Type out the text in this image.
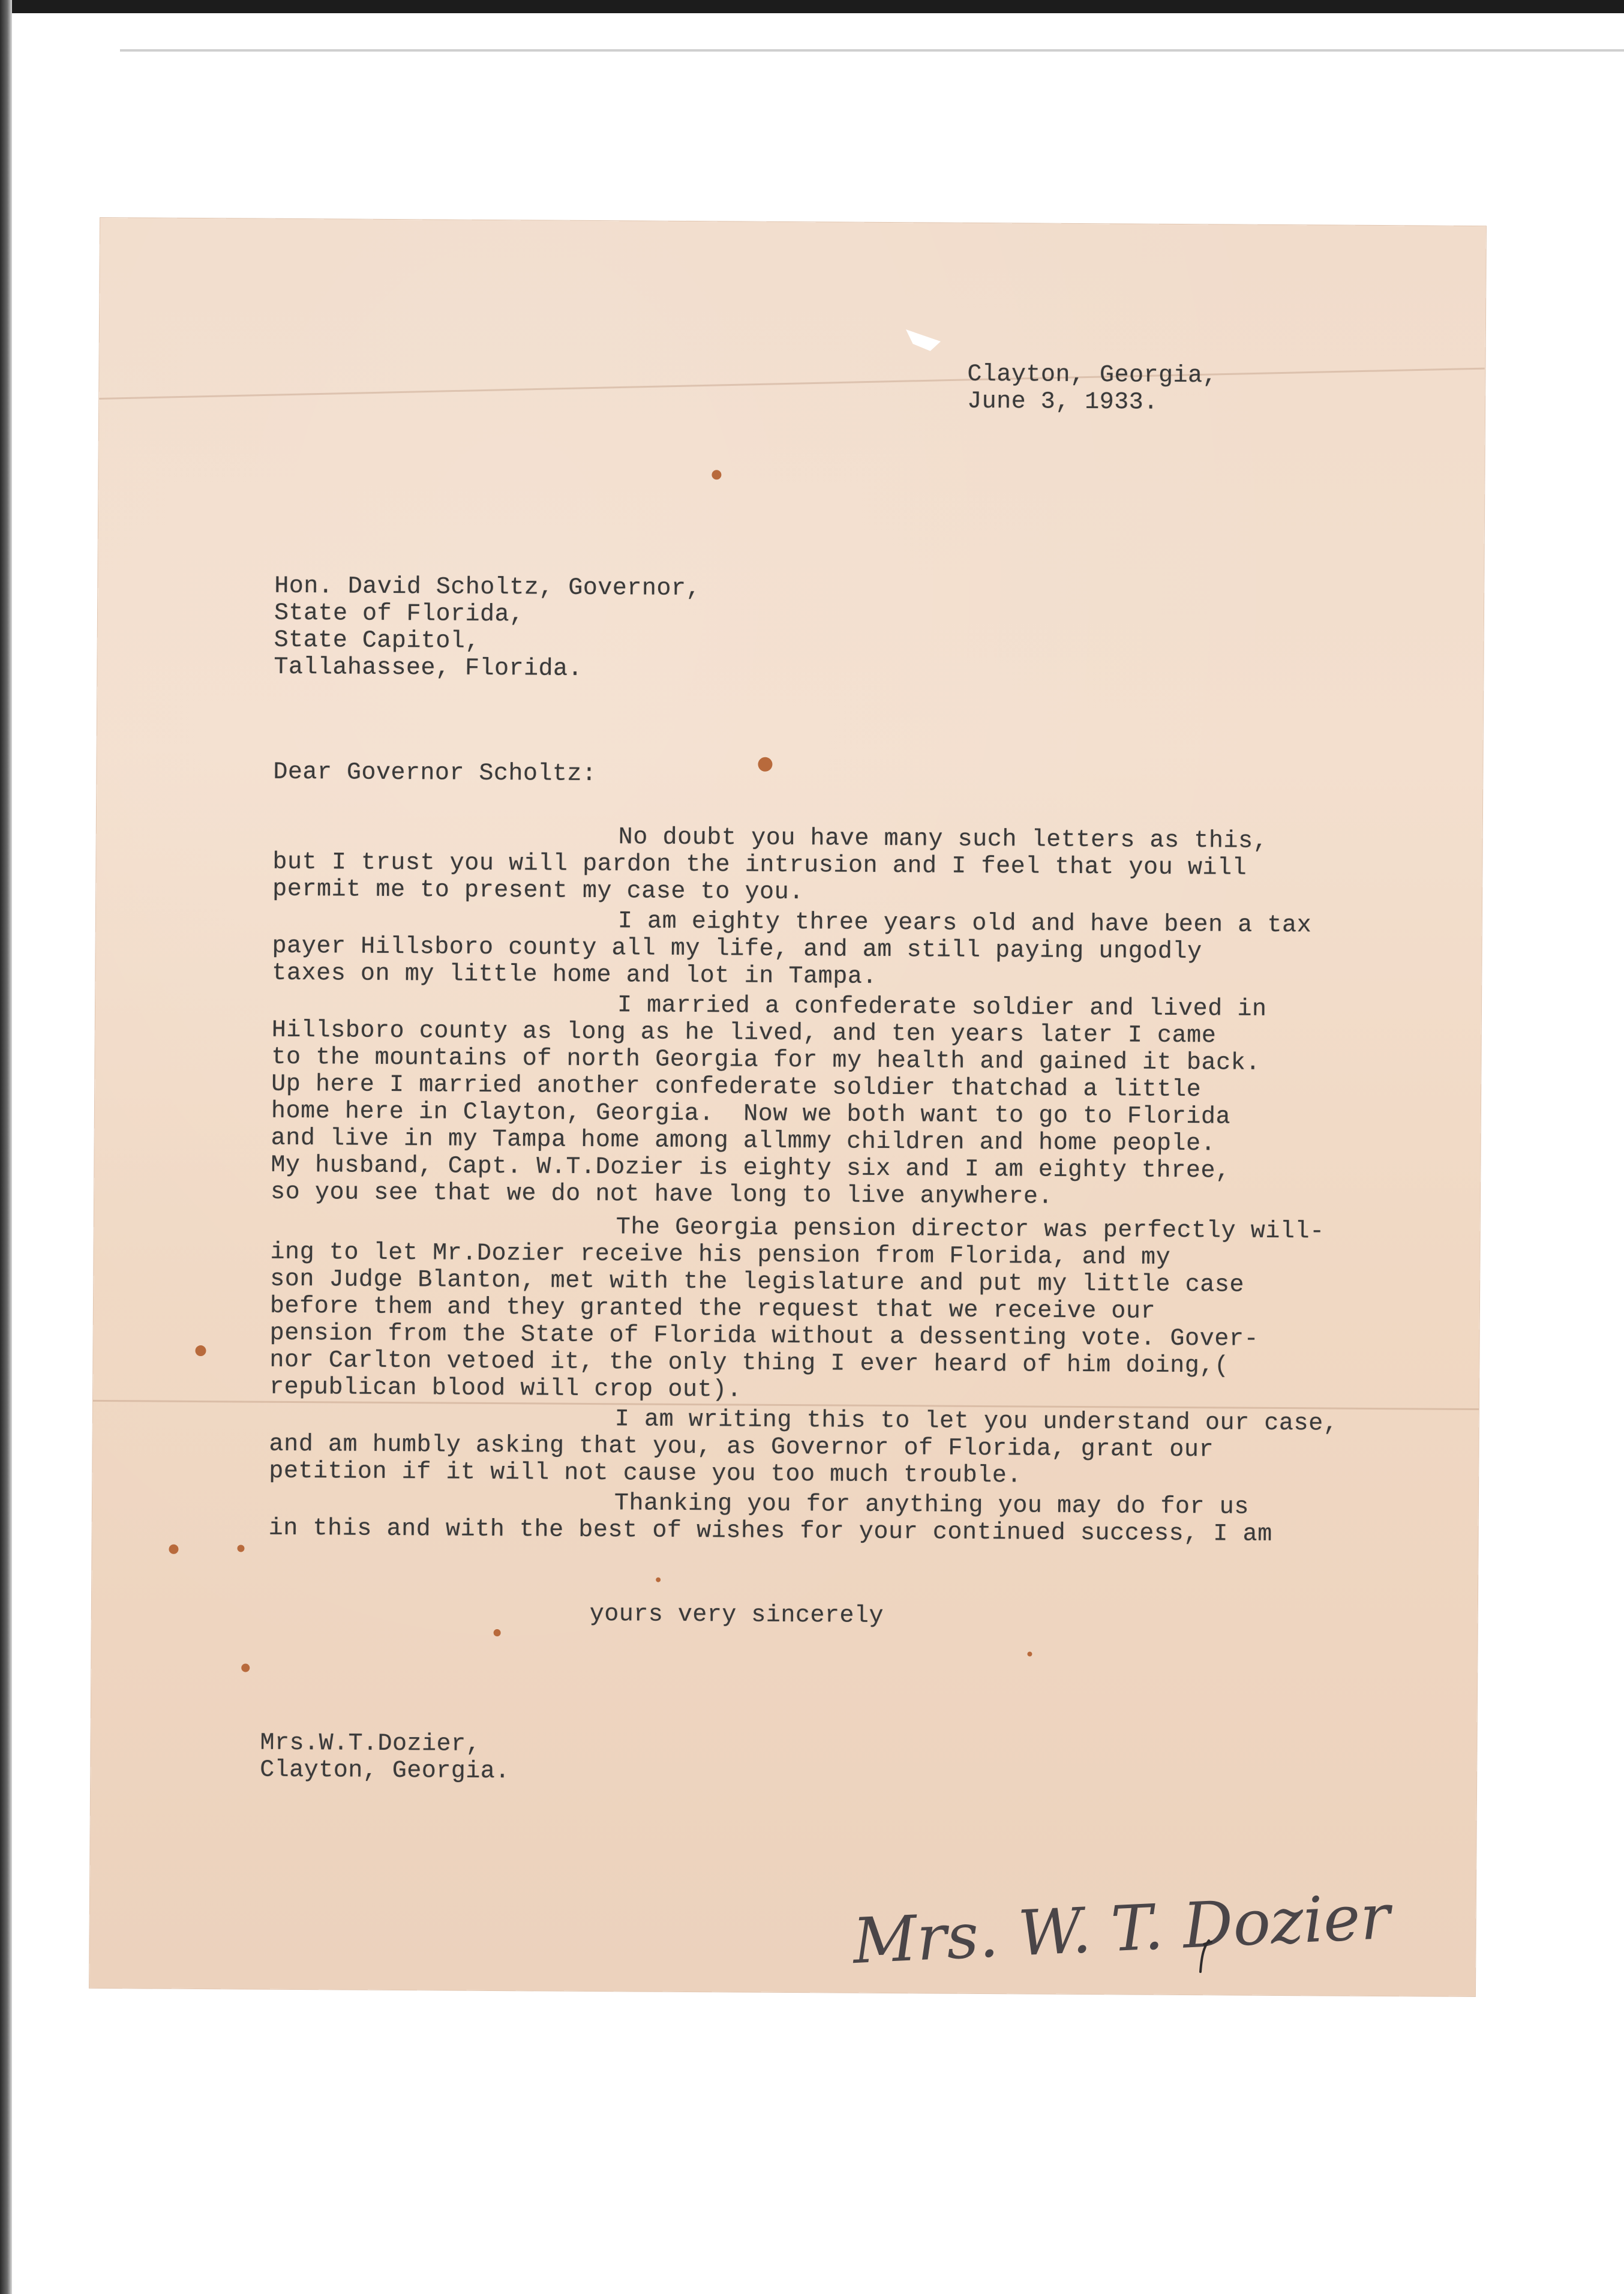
Clayton, Georgia,
June 3, 1933.
Hon. David Scholtz, Governor,
State of Florida,
State Capitol,
Tallahassee, Florida.
Dear Governor Scholtz:
No doubt you have many such letters as this,
but I trust you will pardon the intrusion and I feel that you will
permit me to present my case to you.
I am eighty three years old and have been a tax
payer Hillsboro county all my life, and am still paying ungodly
taxes on my little home and lot in Tampa.
I married a confederate soldier and lived in
Hillsboro county as long as he lived, and ten years later I came
to the mountains of north Georgia for my health and gained it back.
Up here I married another confederate soldier thatchad a little
home here in Clayton, Georgia.  Now we both want to go to Florida
and live in my Tampa home among allmmy children and home people.
My husband, Capt. W.T.Dozier is eighty six and I am eighty three,
so you see that we do not have long to live anywhere.
The Georgia pension director was perfectly will-
ing to let Mr.Dozier receive his pension from Florida, and my
son Judge Blanton, met with the legislature and put my little case
before them and they granted the request that we receive our
pension from the State of Florida without a dessenting vote. Gover-
nor Carlton vetoed it, the only thing I ever heard of him doing,(
republican blood will crop out).
I am writing this to let you understand our case,
and am humbly asking that you, as Governor of Florida, grant our
petition if it will not cause you too much trouble.
Thanking you for anything you may do for us
in this and with the best of wishes for your continued success, I am
yours very sincerely
Mrs. W. T. Dozier
Mrs.W.T.Dozier,
Clayton, Georgia.
